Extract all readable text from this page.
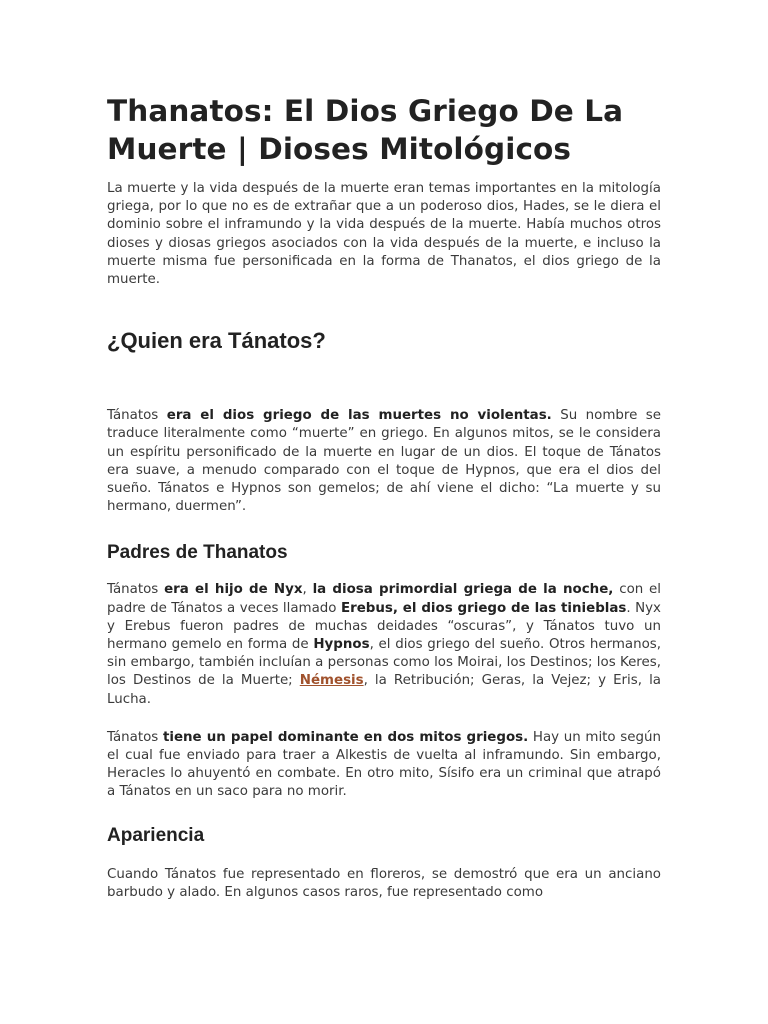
Thanatos: El Dios Griego De La Muerte | Dioses Mitológicos

La muerte y la vida después de la muerte eran temas importantes en la mitología griega, por lo que no es de extrañar que a un poderoso dios, Hades, se le diera el dominio sobre el inframundo y la vida después de la muerte. Había muchos otros dioses y diosas griegos asociados con la vida después de la muerte, e incluso la muerte misma fue personificada en la forma de Thanatos, el dios griego de la muerte.

¿Quien era Tánatos?

Tánatos era el dios griego de las muertes no violentas. Su nombre se traduce literalmente como “muerte” en griego. En algunos mitos, se le considera un espíritu personificado de la muerte en lugar de un dios. El toque de Tánatos era suave, a menudo comparado con el toque de Hypnos, que era el dios del sueño. Tánatos e Hypnos son gemelos; de ahí viene el dicho: “La muerte y su hermano, duermen”.

Padres de Thanatos

Tánatos era el hijo de Nyx, la diosa primordial griega de la noche, con el padre de Tánatos a veces llamado Erebus, el dios griego de las tinieblas. Nyx y Erebus fueron padres de muchas deidades “oscuras”, y Tánatos tuvo un hermano gemelo en forma de Hypnos, el dios griego del sueño. Otros hermanos, sin embargo, también incluían a personas como los Moirai, los Destinos; los Keres, los Destinos de la Muerte; Némesis, la Retribución; Geras, la Vejez; y Eris, la Lucha.

Tánatos tiene un papel dominante en dos mitos griegos. Hay un mito según el cual fue enviado para traer a Alkestis de vuelta al inframundo. Sin embargo, Heracles lo ahuyentó en combate. En otro mito, Sísifo era un criminal que atrapó a Tánatos en un saco para no morir.

Apariencia

Cuando Tánatos fue representado en floreros, se demostró que era un anciano barbudo y alado. En algunos casos raros, fue representado como
